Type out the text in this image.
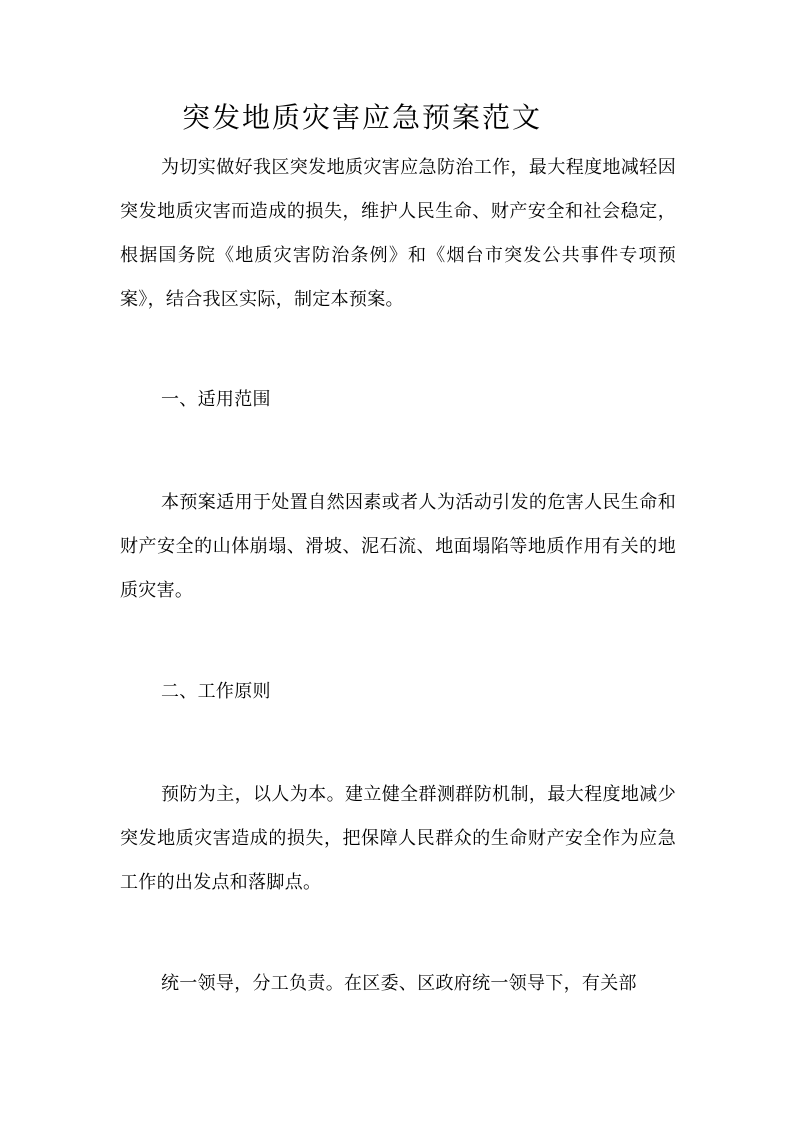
突发地质灾害应急预案范文

为切实做好我区突发地质灾害应急防治工作，最大程度地减轻因突发地质灾害而造成的损失，维护人民生命、财产安全和社会稳定，根据国务院《地质灾害防治条例》和《烟台市突发公共事件专项预案》，结合我区实际，制定本预案。

一、适用范围

本预案适用于处置自然因素或者人为活动引发的危害人民生命和财产安全的山体崩塌、滑坡、泥石流、地面塌陷等地质作用有关的地质灾害。

二、工作原则

预防为主，以人为本。建立健全群测群防机制，最大程度地减少突发地质灾害造成的损失，把保障人民群众的生命财产安全作为应急工作的出发点和落脚点。

统一领导，分工负责。在区委、区政府统一领导下，有关部
